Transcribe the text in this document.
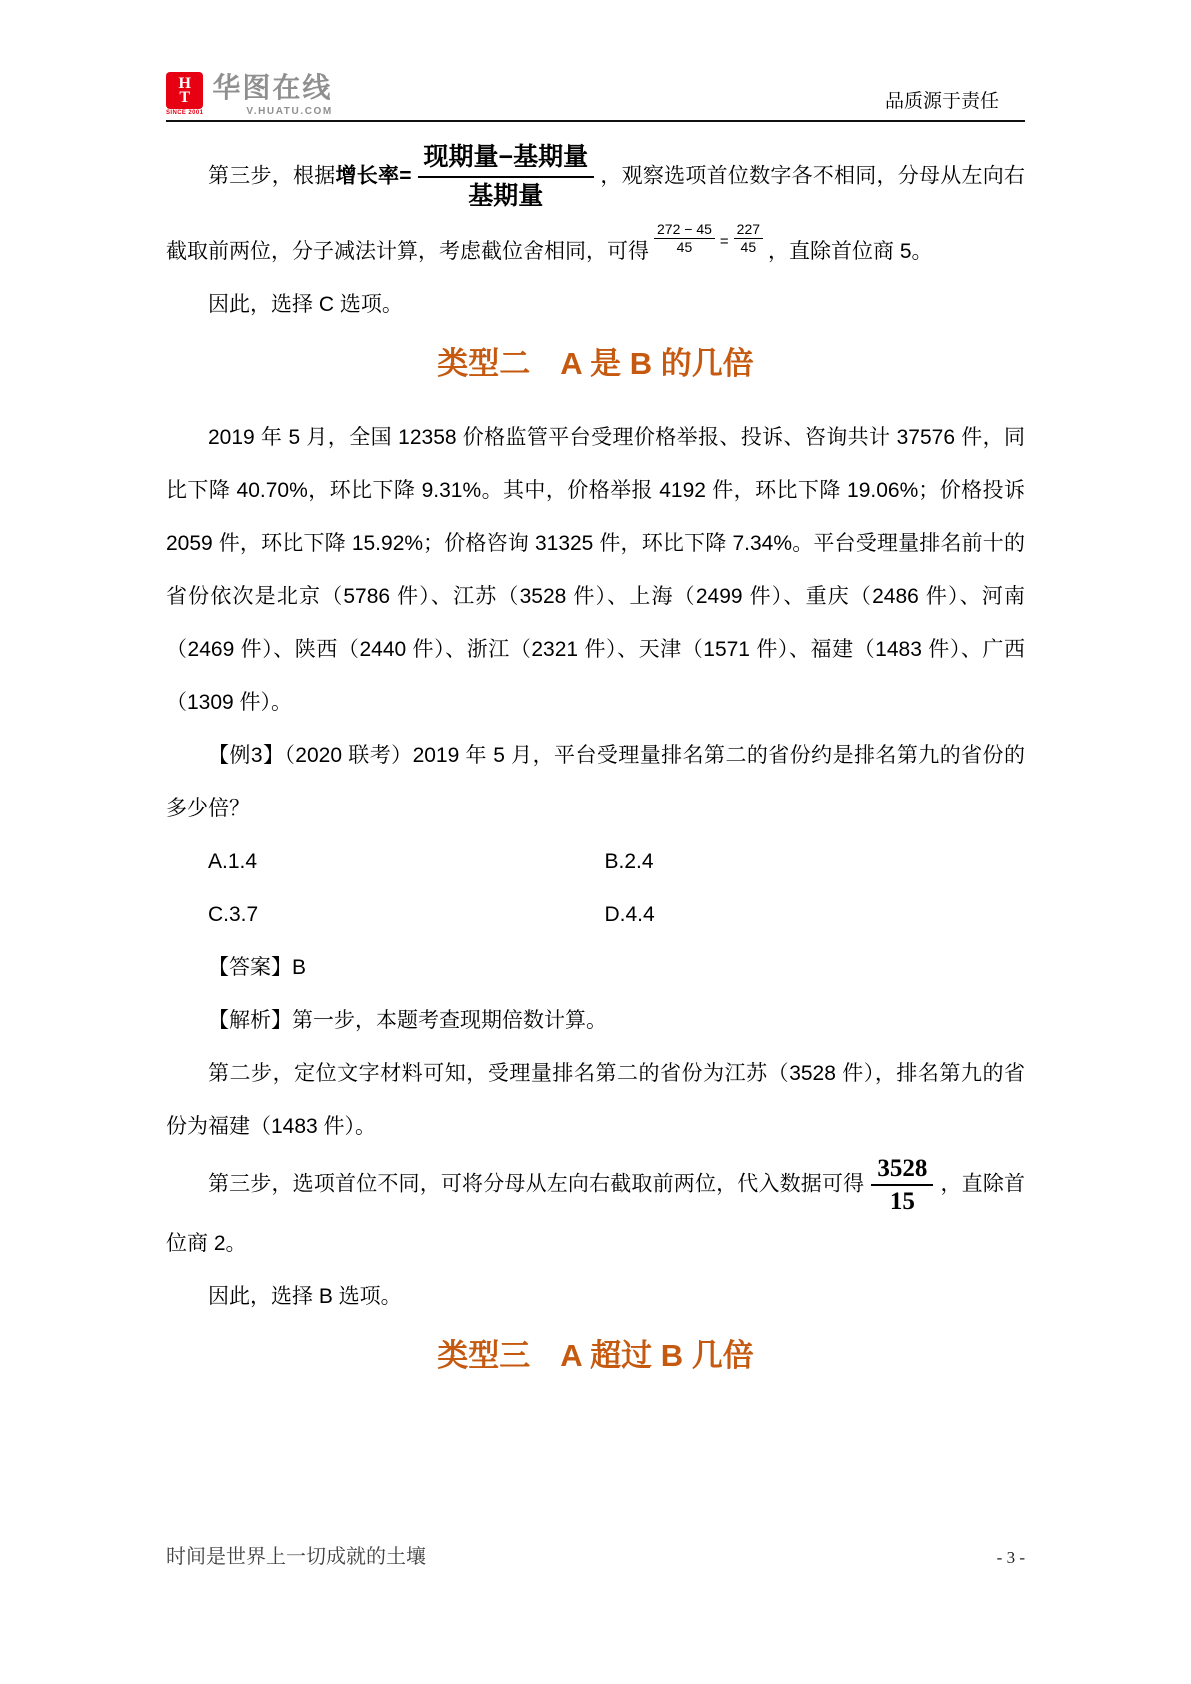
H
T
SINCE 2001
华图在线
V.HUATU.COM	品质源于责任

第三步，根据增长率= $\frac{\text{现期量−基期量}}{\text{基期量}}$ ，观察选项首位数字各不相同，分母从左向右截取前两位，分子减法计算，考虑截位舍相同，可得 $\frac{272 - 45}{45} ^= \frac{227}{45}$ ，直除首位商 5。

因此，选择 C 选项。

类型二 A 是 B 的几倍

2019 年 5 月，全国 12358 价格监管平台受理价格举报、投诉、咨询共计 37576 件，同比下降 40.70%，环比下降 9.31%。其中，价格举报 4192 件，环比下降 19.06%；价格投诉 2059 件，环比下降 15.92%；价格咨询 31325 件，环比下降 7.34%。平台受理量排名前十的省份依次是北京（5786 件）、江苏（3528 件）、上海（2499 件）、重庆（2486 件）、河南（2469 件）、陕西（2440 件）、浙江（2321 件）、天津（1571 件）、福建（1483 件）、广西（1309 件）。

【例3】（2020 联考）2019 年 5 月，平台受理量排名第二的省份约是排名第九的省份的多少倍？

A.1.4	B.2.4
C.3.7	D.4.4

【答案】B

【解析】第一步，本题考查现期倍数计算。

第二步，定位文字材料可知，受理量排名第二的省份为江苏（3528 件），排名第九的省份为福建（1483 件）。

第三步，选项首位不同，可将分母从左向右截取前两位，代入数据可得 $\frac{3528}{15}$ ，直除首位商 2。

因此，选择 B 选项。

类型三 A 超过 B 几倍
时间是世界上一切成就的土壤	- 3 -
